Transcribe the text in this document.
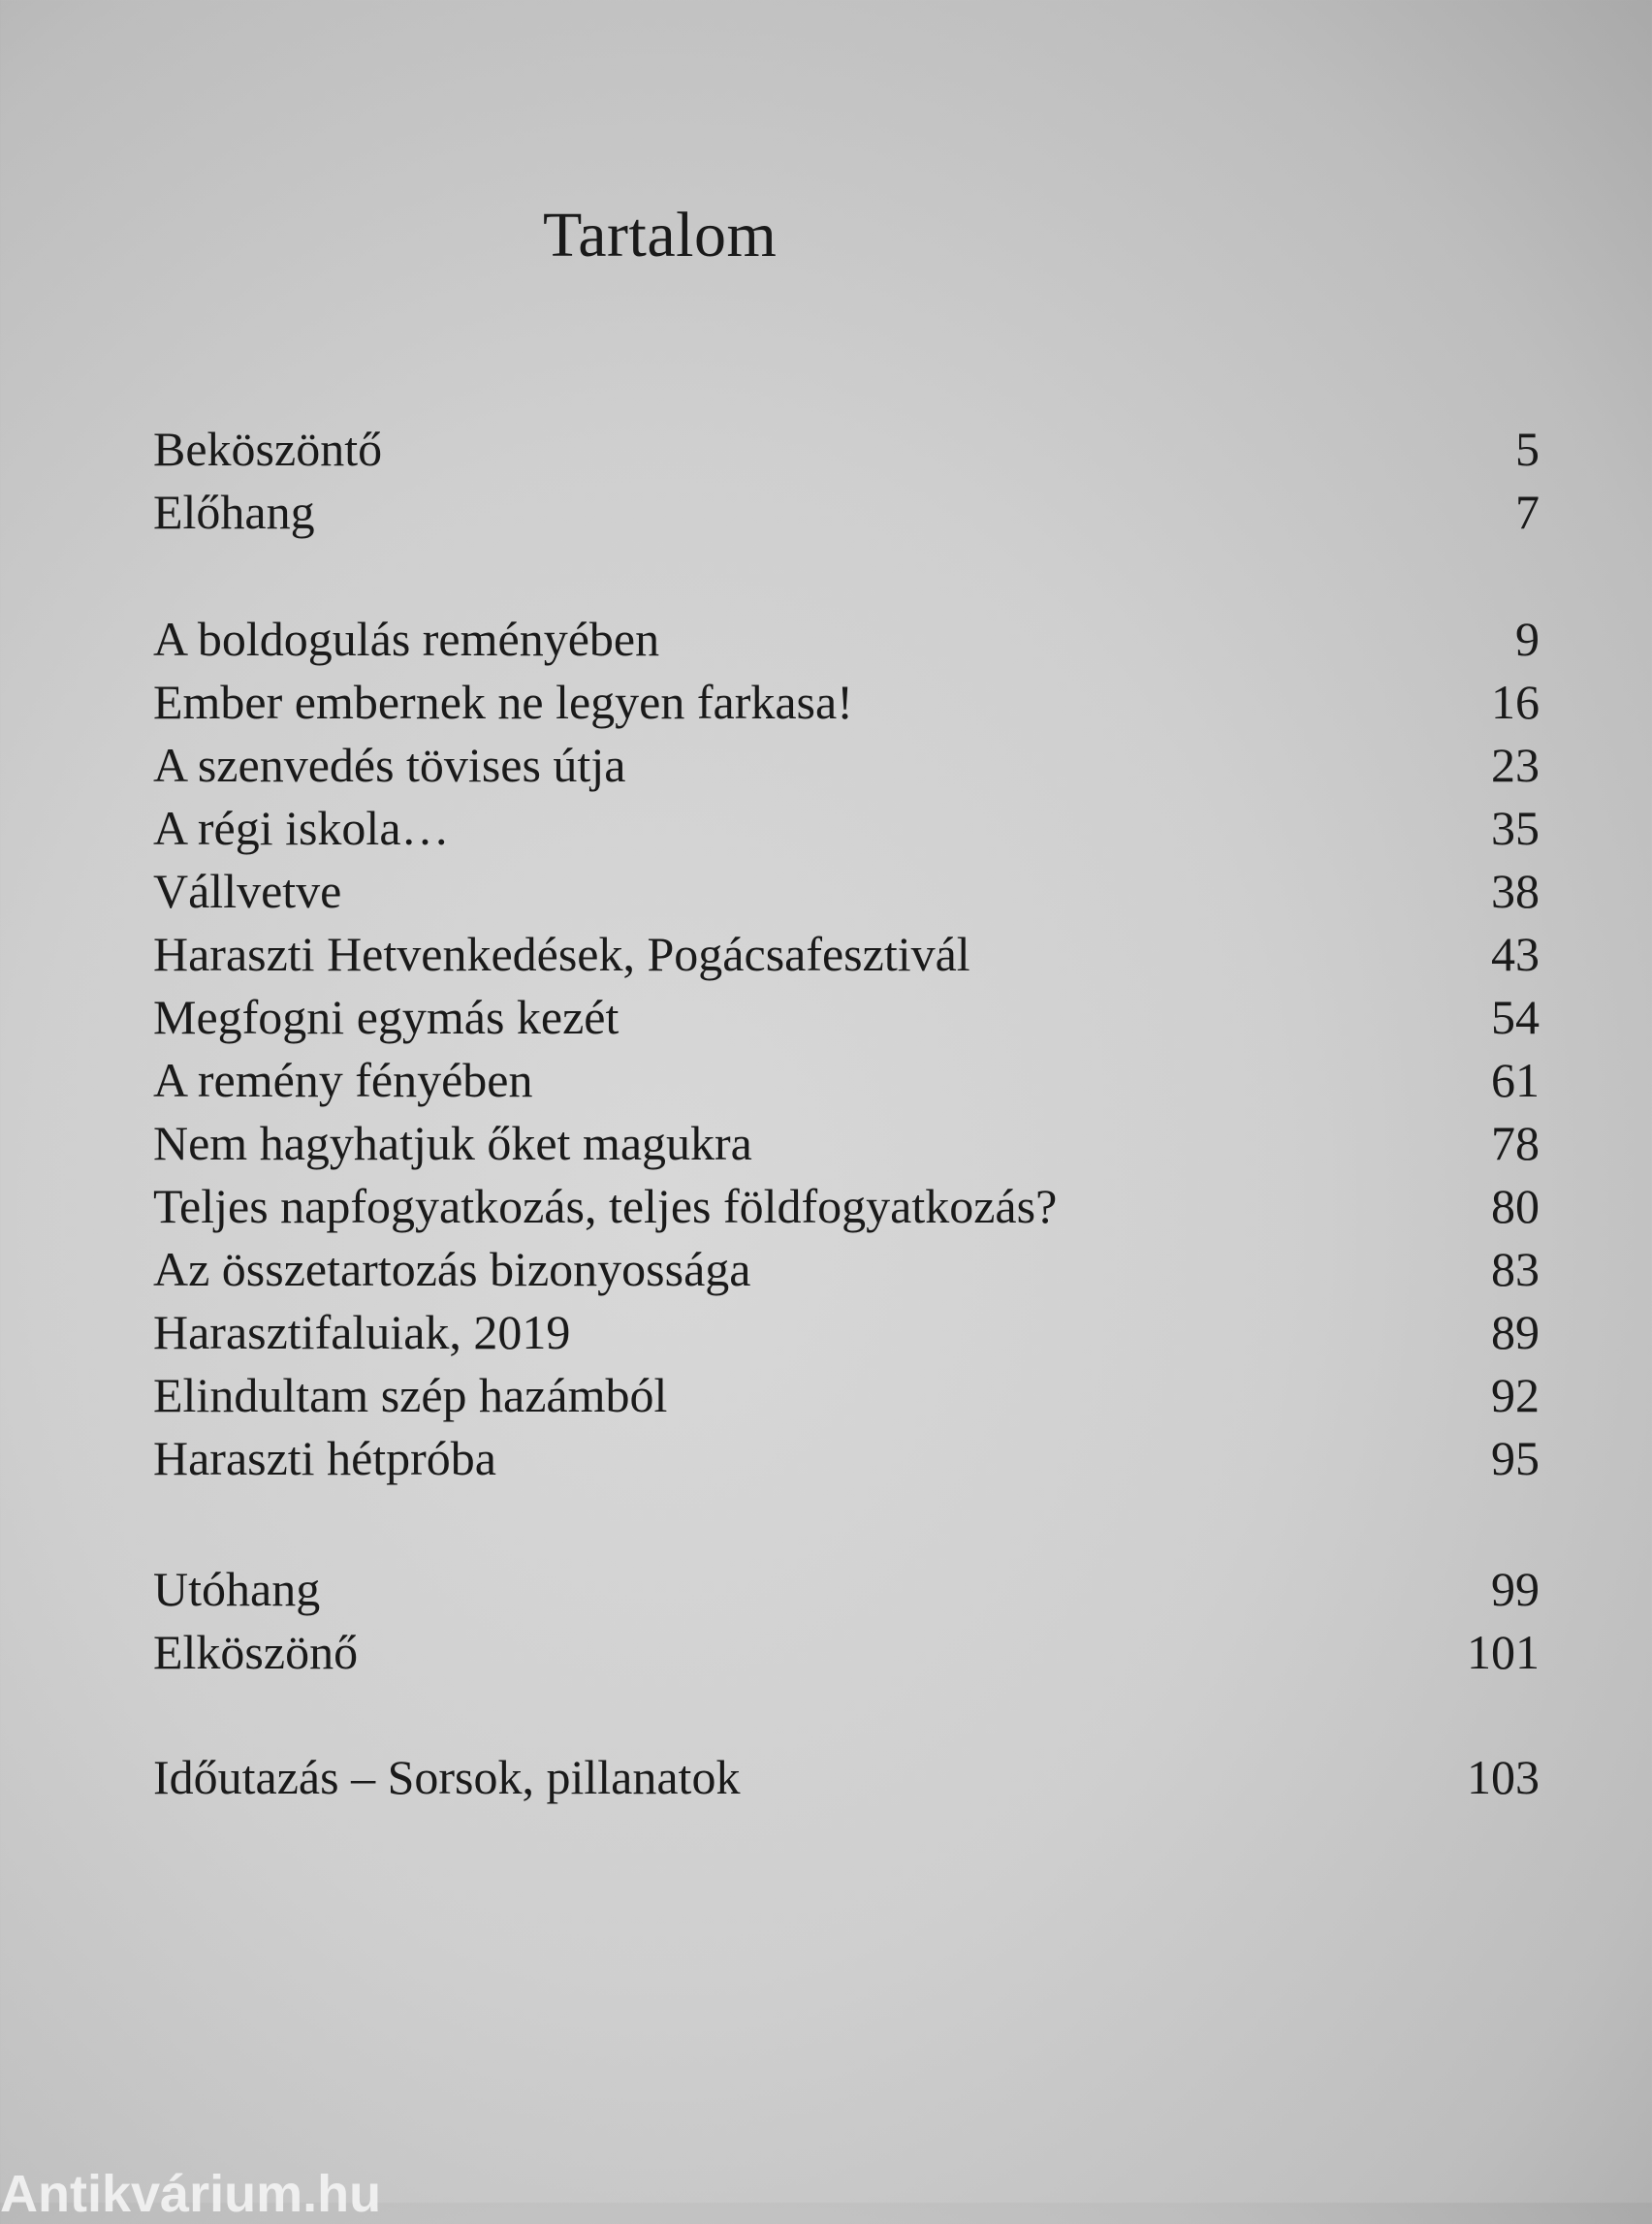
Tartalom
Beköszöntő	5
Előhang	7
A boldogulás reményében	9
Ember embernek ne legyen farkasa!	16
A szenvedés tövises útja	23
A régi iskola…	35
Vállvetve	38
Haraszti Hetvenkedések, Pogácsafesztivál	43
Megfogni egymás kezét	54
A remény fényében	61
Nem hagyhatjuk őket magukra	78
Teljes napfogyatkozás, teljes földfogyatkozás?	80
Az összetartozás bizonyossága	83
Harasztifaluiak, 2019	89
Elindultam szép hazámból	92
Haraszti hétpróba	95
Utóhang	99
Elköszönő	101
Időutazás – Sorsok, pillanatok	103
Antikvárium.hu
